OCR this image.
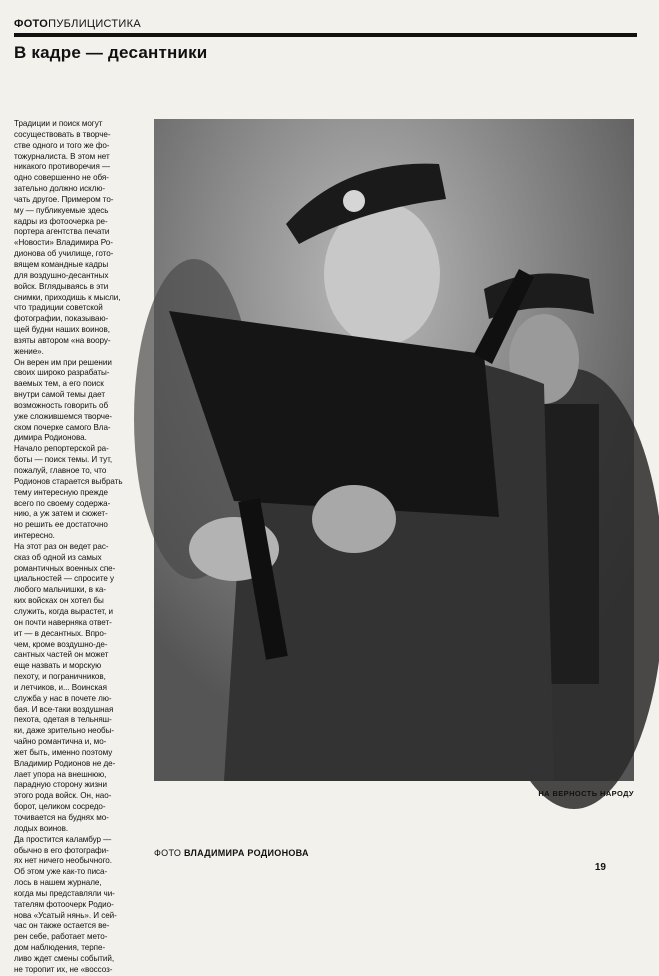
ФОТОПУБЛИЦИСТИКА
В кадре — десантники

Традиции и поиск могут
сосуществовать в творче-
стве одного и того же фо-
тожурналиста. В этом нет
никакого противоречия —
одно совершенно не обя-
зательно должно исклю-
чать другое. Примером то-
му — публикуемые здесь
кадры из фотоочерка ре-
портера агентства печати
«Новости» Владимира Ро-
дионова об училище, гото-
вящем командные кадры
для воздушно-десантных
войск. Вглядываясь в эти
снимки, приходишь к мысли,
что традиции советской
фотографии, показываю-
щей будни наших воинов,
взяты автором «на воору-
жение».

Он верен им при решении
своих широко разрабаты-
ваемых тем, а его поиск
внутри самой темы дает
возможность говорить об
уже сложившемся творче-
ском почерке самого Вла-
димира Родионова.

Начало репортерской ра-
боты — поиск темы. И тут,
пожалуй, главное то, что
Родионов старается выбрать
тему интересную прежде
всего по своему содержа-
нию, а уж затем и сюжет-
но решить ее достаточно
интересно.

На этот раз он ведет рас-
сказ об одной из самых
романтичных военных спе-
циальностей — спросите у
любого мальчишки, в ка-
ких войсках он хотел бы
служить, когда вырастет, и
он почти наверняка ответ-
ит — в десантных. Впро-
чем, кроме воздушно-де-
сантных частей он может
еще назвать и морскую
пехоту, и пограничников,
и летчиков, и... Воинская
служба у нас в почете лю-
бая. И все-таки воздушная
пехота, одетая в тельняш-
ки, даже зрительно необы-
чайно романтична и, мо-
жет быть, именно поэтому
Владимир Родионов не де-
лает упора на внешнюю,
парадную сторону жизни
этого рода войск. Он, нао-
борот, целиком сосредо-
точивается на буднях мо-
лодых воинов.

Да простится каламбур —
обычно в его фотографи-
ях нет ничего необычного.
Об этом уже как-то писа-
лось в нашем журнале,
когда мы представляли чи-
тателям фотоочерк Родио-
нова «Усатый нянь». И сей-
час он также остается ве-
рен себе, работает мето-
дом наблюдения, терпе-
ливо ждет смены событий,
не торопит их, не «воссоз-

НА ВЕРНОСТЬ НАРОДУ
ФОТО ВЛАДИМИРА РОДИОНОВА
19
